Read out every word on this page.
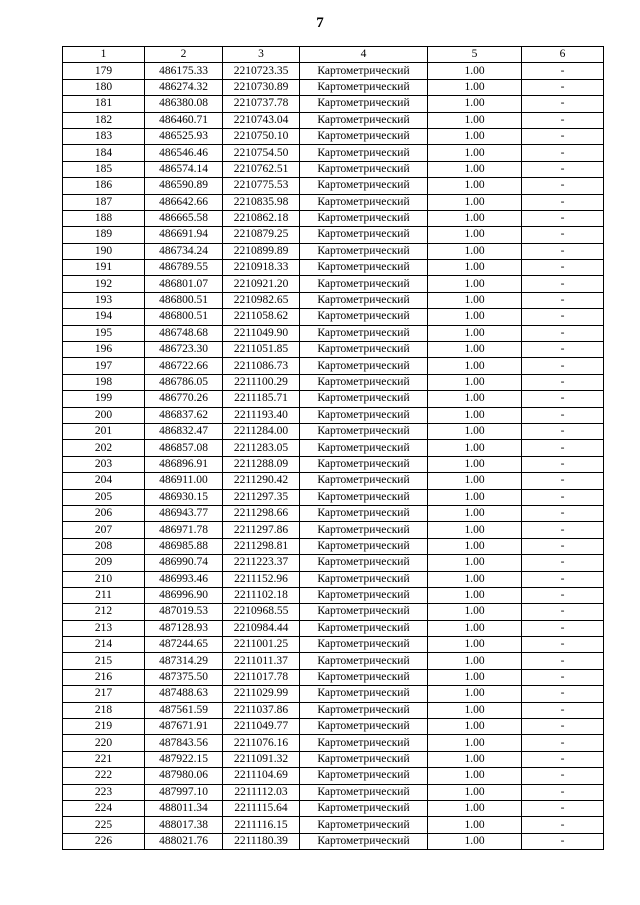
7
1	2	3	4	5	6
179	486175.33	2210723.35	Картометрический	1.00	-
180	486274.32	2210730.89	Картометрический	1.00	-
181	486380.08	2210737.78	Картометрический	1.00	-
182	486460.71	2210743.04	Картометрический	1.00	-
183	486525.93	2210750.10	Картометрический	1.00	-
184	486546.46	2210754.50	Картометрический	1.00	-
185	486574.14	2210762.51	Картометрический	1.00	-
186	486590.89	2210775.53	Картометрический	1.00	-
187	486642.66	2210835.98	Картометрический	1.00	-
188	486665.58	2210862.18	Картометрический	1.00	-
189	486691.94	2210879.25	Картометрический	1.00	-
190	486734.24	2210899.89	Картометрический	1.00	-
191	486789.55	2210918.33	Картометрический	1.00	-
192	486801.07	2210921.20	Картометрический	1.00	-
193	486800.51	2210982.65	Картометрический	1.00	-
194	486800.51	2211058.62	Картометрический	1.00	-
195	486748.68	2211049.90	Картометрический	1.00	-
196	486723.30	2211051.85	Картометрический	1.00	-
197	486722.66	2211086.73	Картометрический	1.00	-
198	486786.05	2211100.29	Картометрический	1.00	-
199	486770.26	2211185.71	Картометрический	1.00	-
200	486837.62	2211193.40	Картометрический	1.00	-
201	486832.47	2211284.00	Картометрический	1.00	-
202	486857.08	2211283.05	Картометрический	1.00	-
203	486896.91	2211288.09	Картометрический	1.00	-
204	486911.00	2211290.42	Картометрический	1.00	-
205	486930.15	2211297.35	Картометрический	1.00	-
206	486943.77	2211298.66	Картометрический	1.00	-
207	486971.78	2211297.86	Картометрический	1.00	-
208	486985.88	2211298.81	Картометрический	1.00	-
209	486990.74	2211223.37	Картометрический	1.00	-
210	486993.46	2211152.96	Картометрический	1.00	-
211	486996.90	2211102.18	Картометрический	1.00	-
212	487019.53	2210968.55	Картометрический	1.00	-
213	487128.93	2210984.44	Картометрический	1.00	-
214	487244.65	2211001.25	Картометрический	1.00	-
215	487314.29	2211011.37	Картометрический	1.00	-
216	487375.50	2211017.78	Картометрический	1.00	-
217	487488.63	2211029.99	Картометрический	1.00	-
218	487561.59	2211037.86	Картометрический	1.00	-
219	487671.91	2211049.77	Картометрический	1.00	-
220	487843.56	2211076.16	Картометрический	1.00	-
221	487922.15	2211091.32	Картометрический	1.00	-
222	487980.06	2211104.69	Картометрический	1.00	-
223	487997.10	2211112.03	Картометрический	1.00	-
224	488011.34	2211115.64	Картометрический	1.00	-
225	488017.38	2211116.15	Картометрический	1.00	-
226	488021.76	2211180.39	Картометрический	1.00	-
